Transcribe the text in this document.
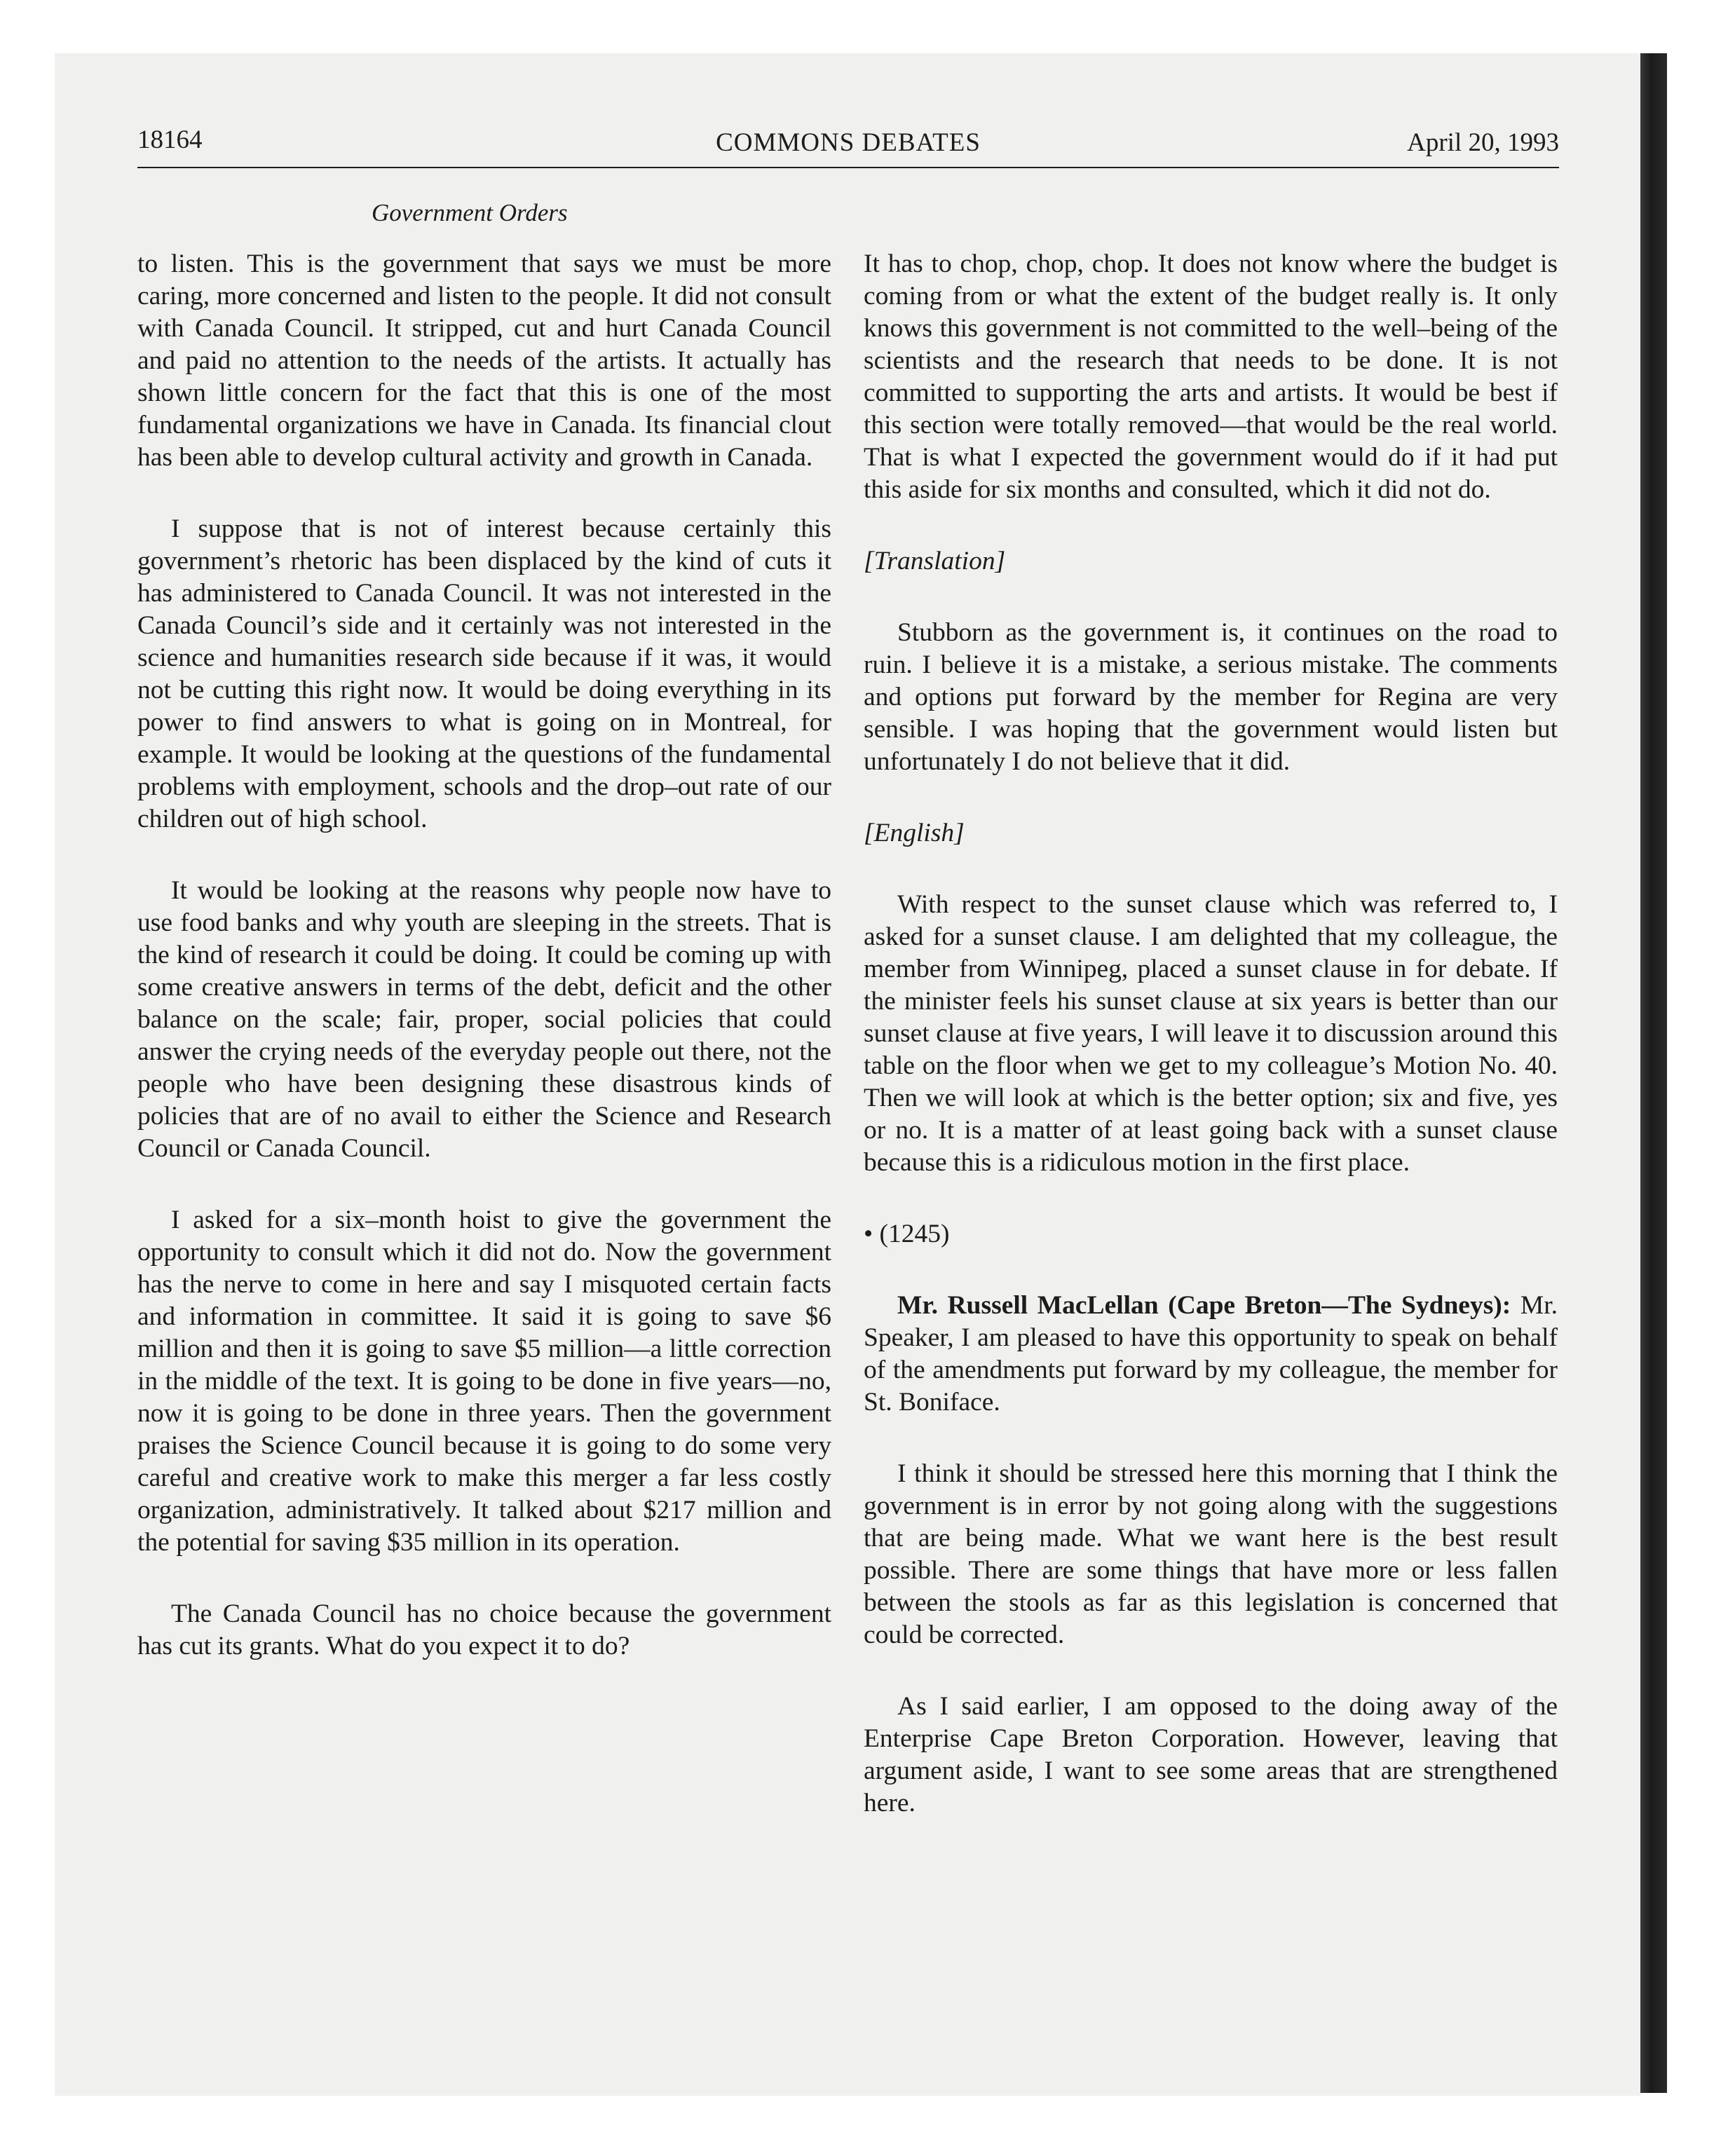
18164	COMMONS DEBATES	April 20, 1993
Government Orders

to listen. This is the government that says we must be more caring, more concerned and listen to the people. It did not consult with Canada Council. It stripped, cut and hurt Canada Council and paid no attention to the needs of the artists. It actually has shown little concern for the fact that this is one of the most fundamental organizations we have in Canada. Its financial clout has been able to develop cultural activity and growth in Canada.

I suppose that is not of interest because certainly this government’s rhetoric has been displaced by the kind of cuts it has administered to Canada Council. It was not interested in the Canada Council’s side and it certainly was not interested in the science and humanities research side because if it was, it would not be cutting this right now. It would be doing everything in its power to find answers to what is going on in Montreal, for example. It would be looking at the questions of the fundamental problems with employment, schools and the drop–out rate of our children out of high school.

It would be looking at the reasons why people now have to use food banks and why youth are sleeping in the streets. That is the kind of research it could be doing. It could be coming up with some creative answers in terms of the debt, deficit and the other balance on the scale; fair, proper, social policies that could answer the crying needs of the everyday people out there, not the people who have been designing these disastrous kinds of policies that are of no avail to either the Science and Research Council or Canada Council.

I asked for a six–month hoist to give the government the opportunity to consult which it did not do. Now the government has the nerve to come in here and say I misquoted certain facts and information in committee. It said it is going to save $6 million and then it is going to save $5 million—a little correction in the middle of the text. It is going to be done in five years—no, now it is going to be done in three years. Then the government praises the Science Council because it is going to do some very careful and creative work to make this merger a far less costly organization, administratively. It talked about $217 million and the potential for saving $35 million in its operation.

The Canada Council has no choice because the government has cut its grants. What do you expect it to do?

It has to chop, chop, chop. It does not know where the budget is coming from or what the extent of the budget really is. It only knows this government is not committed to the well–being of the scientists and the research that needs to be done. It is not committed to supporting the arts and artists. It would be best if this section were totally removed—that would be the real world. That is what I expected the government would do if it had put this aside for six months and consulted, which it did not do.

[Translation]

Stubborn as the government is, it continues on the road to ruin. I believe it is a mistake, a serious mistake. The comments and options put forward by the member for Regina are very sensible. I was hoping that the government would listen but unfortunately I do not believe that it did.

[English]

With respect to the sunset clause which was referred to, I asked for a sunset clause. I am delighted that my colleague, the member from Winnipeg, placed a sunset clause in for debate. If the minister feels his sunset clause at six years is better than our sunset clause at five years, I will leave it to discussion around this table on the floor when we get to my colleague’s Motion No. 40. Then we will look at which is the better option; six and five, yes or no. It is a matter of at least going back with a sunset clause because this is a ridiculous motion in the first place.

• (1245)

Mr. Russell MacLellan (Cape Breton—The Sydneys): Mr. Speaker, I am pleased to have this opportunity to speak on behalf of the amendments put forward by my colleague, the member for St. Boniface.

I think it should be stressed here this morning that I think the government is in error by not going along with the suggestions that are being made. What we want here is the best result possible. There are some things that have more or less fallen between the stools as far as this legislation is concerned that could be corrected.

As I said earlier, I am opposed to the doing away of the Enterprise Cape Breton Corporation. However, leaving that argument aside, I want to see some areas that are strengthened here.
